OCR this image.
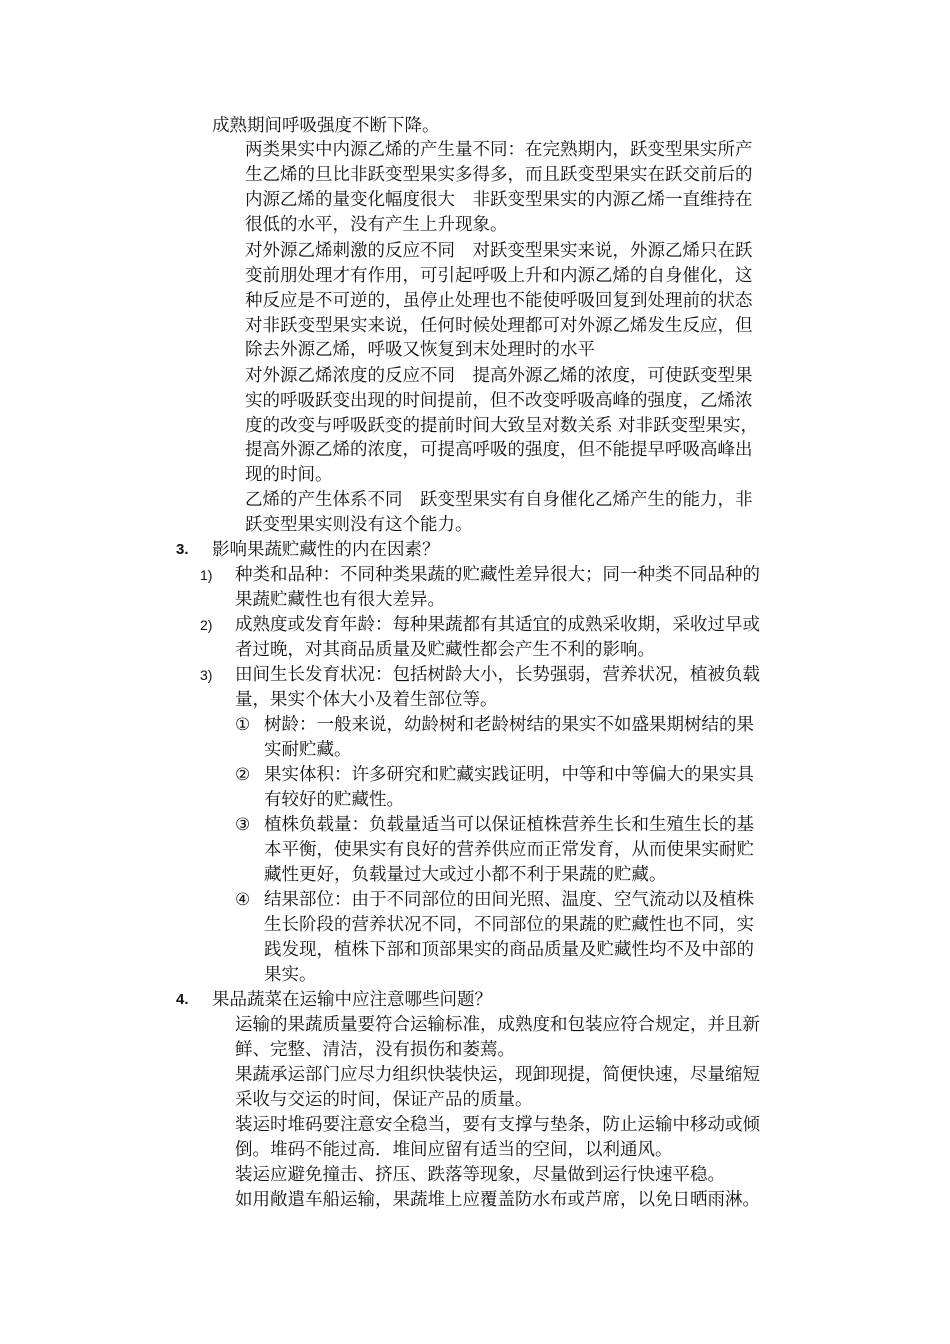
成熟期间呼吸强度不断下降。
两类果实中内源乙烯的产生量不同：在完熟期内，跃变型果实所产
生乙烯的旦比非跃变型果实多得多，而且跃变型果实在跃交前后的
内源乙烯的量变化幅度很大　非跃变型果实的内源乙烯一直维持在
很低的水平，没有产生上升现象。
对外源乙烯刺激的反应不同　对跃变型果实来说，外源乙烯只在跃
变前朋处理才有作用，可引起呼吸上升和内源乙烯的自身催化，这
种反应是不可逆的，虽停止处理也不能使呼吸回复到处理前的状态
对非跃变型果实来说，任何时候处理都可对外源乙烯发生反应，但
除去外源乙烯，呼吸又恢复到末处理时的水平
对外源乙烯浓度的反应不同　提高外源乙烯的浓度，可使跃变型果
实的呼吸跃变出现的时间提前，但不改变呼吸高峰的强度，乙烯浓
度的改变与呼吸跃变的提前时间大致呈对数关系 对非跃变型果实，
提高外源乙烯的浓度，可提高呼吸的强度，但不能提早呼吸高峰出
现的时间。
乙烯的产生体系不同　跃变型果实有自身催化乙烯产生的能力，非
跃变型果实则没有这个能力。
3. 影响果蔬贮藏性的内在因素？
1) 种类和品种：不同种类果蔬的贮藏性差异很大；同一种类不同品种的
果蔬贮藏性也有很大差异。
2) 成熟度或发育年龄：每种果蔬都有其适宜的成熟采收期，采收过早或
者过晚，对其商品质量及贮藏性都会产生不利的影响。
3) 田间生长发育状况：包括树龄大小，长势强弱，营养状况，植被负载
量，果实个体大小及着生部位等。
① 树龄：一般来说，幼龄树和老龄树结的果实不如盛果期树结的果
实耐贮藏。
② 果实体积：许多研究和贮藏实践证明，中等和中等偏大的果实具
有较好的贮藏性。
③ 植株负载量：负载量适当可以保证植株营养生长和生殖生长的基
本平衡，使果实有良好的营养供应而正常发育，从而使果实耐贮
藏性更好，负载量过大或过小都不利于果蔬的贮藏。
④ 结果部位：由于不同部位的田间光照、温度、空气流动以及植株
生长阶段的营养状况不同，不同部位的果蔬的贮藏性也不同，实
践发现，植株下部和顶部果实的商品质量及贮藏性均不及中部的
果实。
4. 果品蔬菜在运输中应注意哪些问题？
运输的果蔬质量要符合运输标准，成熟度和包装应符合规定，并且新
鲜、完整、清洁，没有损伤和萎蔫。
果蔬承运部门应尽力组织快装快运，现卸现提，简便快速，尽量缩短
采收与交运的时间，保证产品的质量。
装运时堆码要注意安全稳当，要有支撑与垫条，防止运输中移动或倾
倒。堆码不能过高．堆间应留有适当的空间，以利通风。
装运应避免撞击、挤压、跌落等现象，尽量做到运行快速平稳。
如用敞遣车船运输，果蔬堆上应覆盖防水布或芦席，以免日晒雨淋。
